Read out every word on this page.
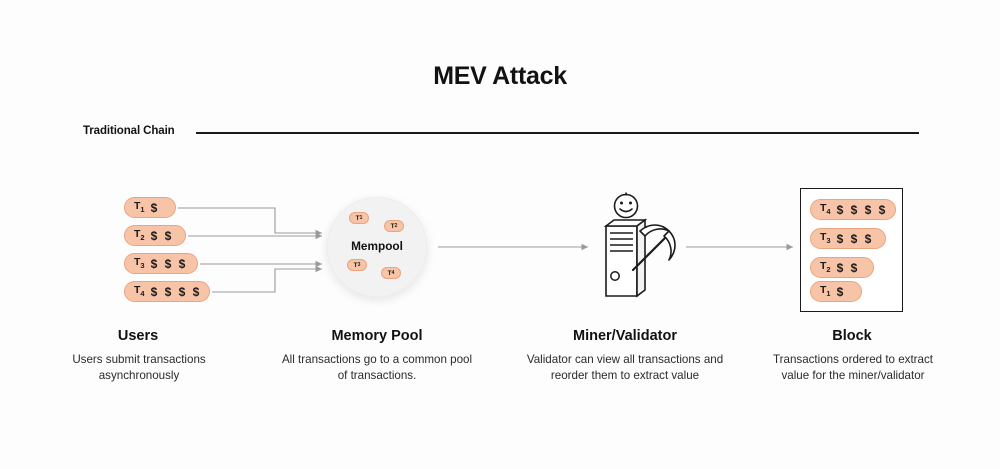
MEV Attack
Traditional Chain
$T_1$ $
$T_2$ $ $
$T_3$ $ $ $
$T_4$ $ $ $ $
T 1
T 2
T 3
T 4
Mempool
$T_4$ $ $ $ $
$T_3$ $ $ $
$T_2$ $ $
$T_1$ $
Users
Users submit transactions asynchronously
Memory Pool
All transactions go to a common pool of transactions.
Miner/Validator
Validator can view all transactions and reorder them to extract value
Block
Transactions ordered to extract value for the miner/validator
